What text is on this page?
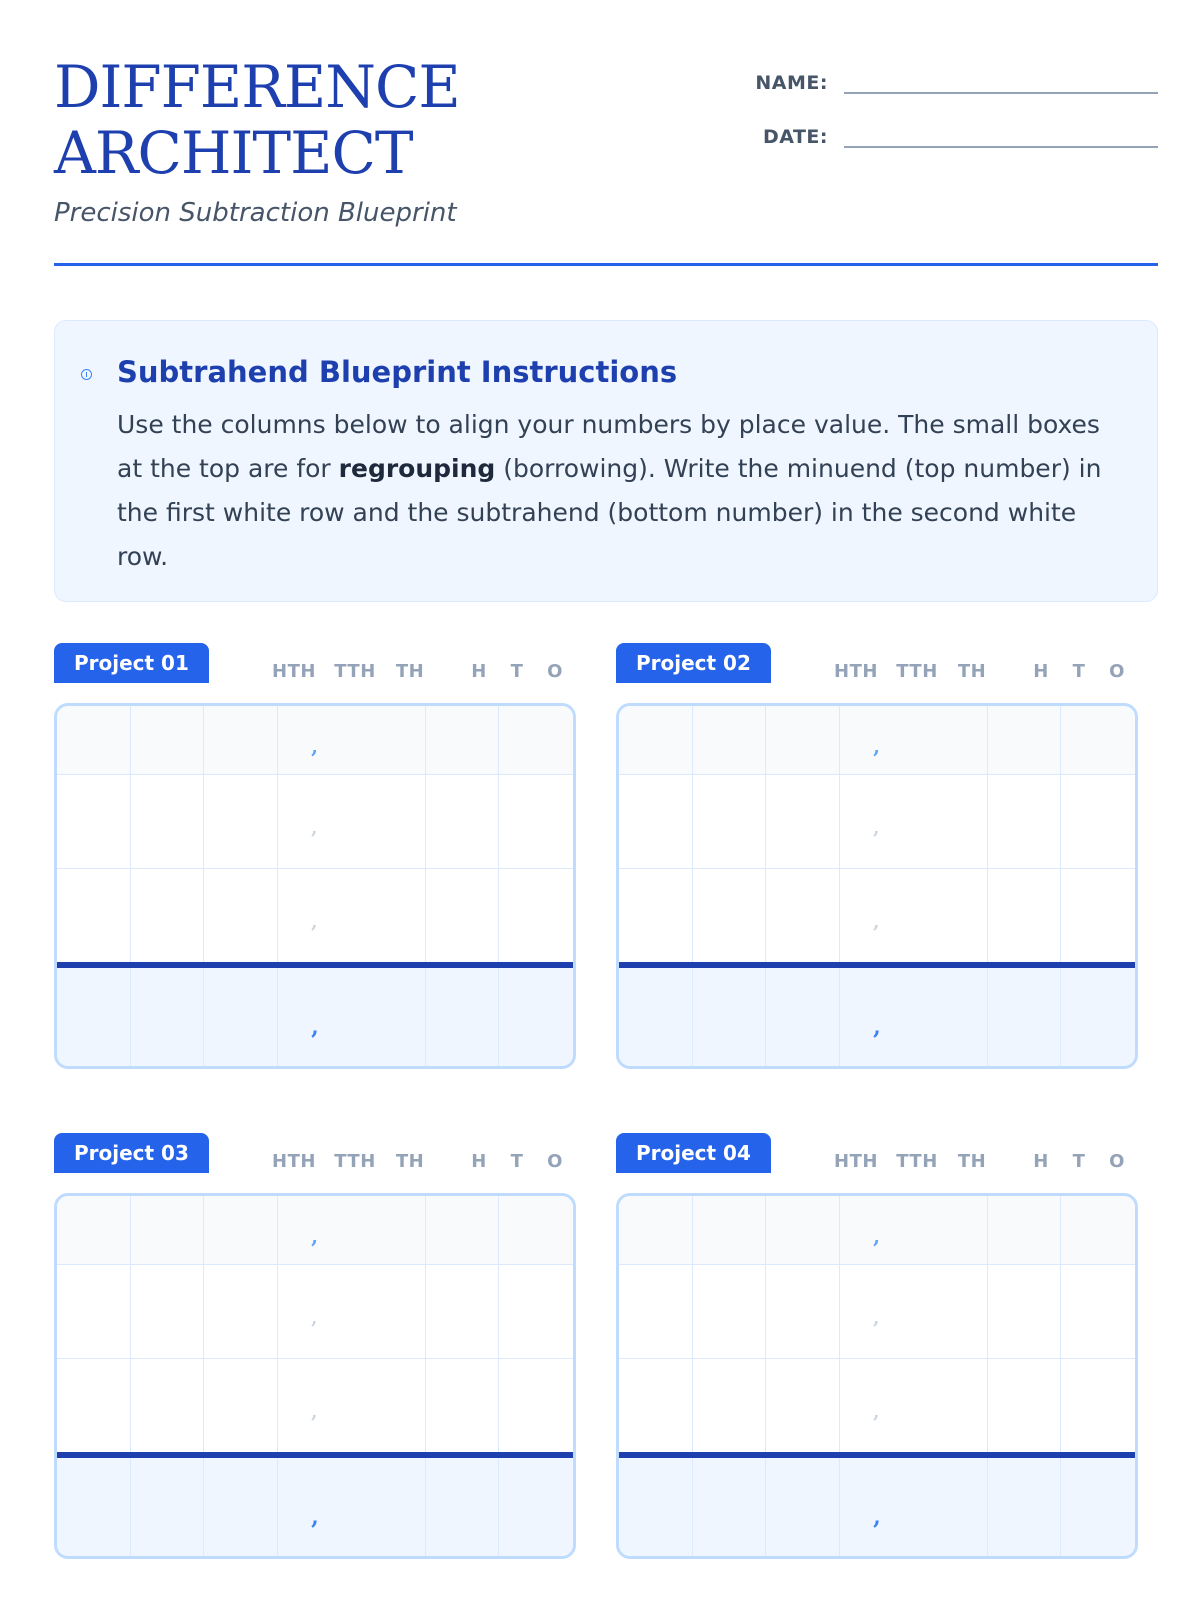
DIFFERENCE
ARCHITECT
Precision Subtraction Blueprint
NAME:
DATE:
Subtrahend Blueprint Instructions

Use the columns below to align your numbers by place value. The small boxes at the top are for regrouping (borrowing). Write the minuend (top number) in the first white row and the subtrahend (bottom number) in the second white row.

Project 01	HTH TTH TH	H T O
,
,
,
,
Project 02	HTH TTH TH	H T O
,
,
,
,
Project 03	HTH TTH TH	H T O
,
,
,
,
Project 04	HTH TTH TH	H T O
,
,
,
,
